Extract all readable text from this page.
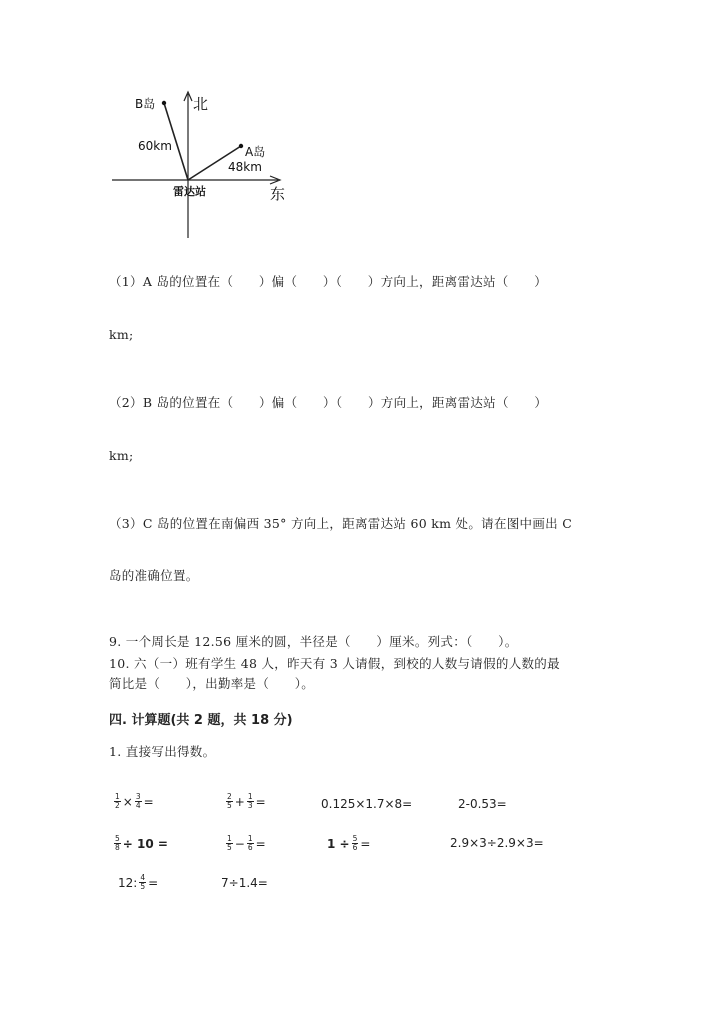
B岛	北
60km	A岛
48km
雷达站	东
（1）A 岛的位置在（　　）偏（　　）（　　）方向上，距离雷达站（　　）
km;
（2）B 岛的位置在（　　）偏（　　）（　　）方向上，距离雷达站（　　）
km;
（3）C 岛的位置在南偏西 35° 方向上，距离雷达站 60 km 处。请在图中画出 C
岛的准确位置。
9. 一个周长是 12.56 厘米的圆，半径是（　　）厘米。列式：（　　）。
10. 六（一）班有学生 48 人，昨天有 3 人请假，到校的人数与请假的人数的最
简比是（　　），出勤率是（　　）。
四. 计算题(共 2 题，共 18 分)
1. 直接写出得数。
$\frac{1}{2} \times \frac{3}{4}$ =	$\frac{2}{5} + \frac{1}{3}$ =	0.125×1.7×8=	2-0.53=
$\frac{5}{8} \div 10$ =	$\frac{1}{5} - \frac{1}{6}$ =	$1 \div \frac{5}{6}$ =	2.9×3÷2.9×3=
12: $\frac{4}{5}$ =	7÷1.4=
